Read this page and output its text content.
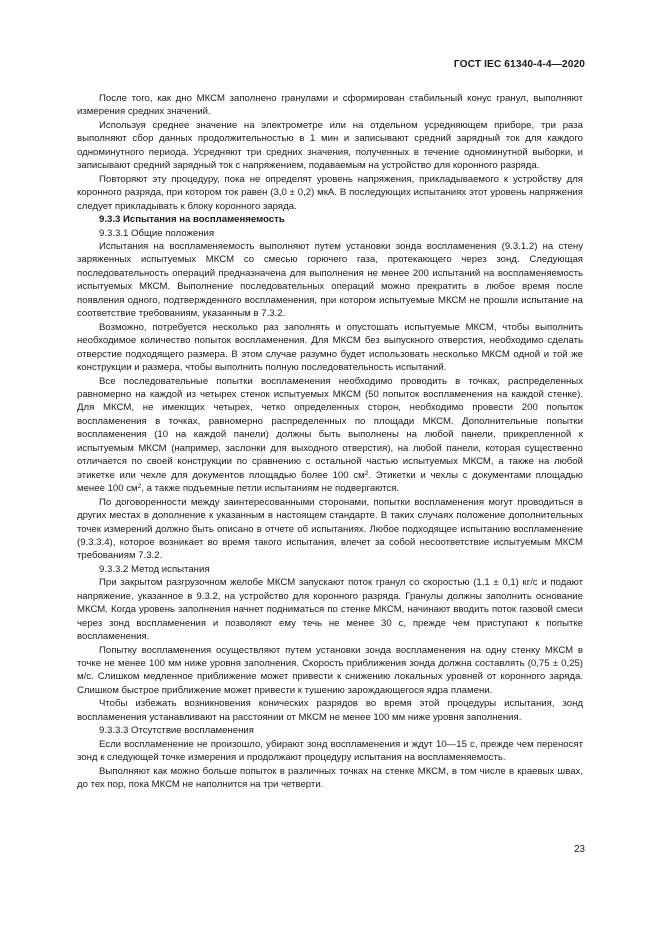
ГОСТ IEC 61340-4-4—2020

После того, как дно МКСМ заполнено гранулами и сформирован стабильный конус гранул, выполняют измерения средних значений.

Используя среднее значение на электрометре или на отдельном усредняющем приборе, три раза выполняют сбор данных продолжительностью в 1 мин и записывают средний зарядный ток для каждого одноминутного периода. Усредняют три средних значения, полученных в течение одноминутной выборки, и записывают средний зарядный ток с напряжением, подаваемым на устройство для коронного разряда.

Повторяют эту процедуру, пока не определят уровень напряжения, прикладываемого к устройству для коронного разряда, при котором ток равен (3,0 ± 0,2) мкА. В последующих испытаниях этот уровень напряжения следует прикладывать к блоку коронного заряда.

9.3.3 Испытания на воспламеняемость

9.3.3.1 Общие положения

Испытания на воспламеняемость выполняют путем установки зонда воспламенения (9.3.1.2) на стену заряженных испытуемых МКСМ со смесью горючего газа, протекающего через зонд. Следующая последовательность операций предназначена для выполнения не менее 200 испытаний на воспламеняемость испытуемых МКСМ. Выполнение последовательных операций можно прекратить в любое время после появления одного, подтвержденного воспламенения, при котором испытуемые МКСМ не прошли испытание на соответствие требованиям, указанным в 7.3.2.

Возможно, потребуется несколько раз заполнять и опустошать испытуемые МКСМ, чтобы выполнить необходимое количество попыток воспламенения. Для МКСМ без выпускного отверстия, необходимо сделать отверстие подходящего размера. В этом случае разумно будет использовать несколько МКСМ одной и той же конструкции и размера, чтобы выполнить полную последовательность испытаний.

Все последовательные попытки воспламенения необходимо проводить в точках, распределенных равномерно на каждой из четырех стенок испытуемых МКСМ (50 попыток воспламенения на каждой стенке). Для МКСМ, не имеющих четырех, четко определенных сторон, необходимо провести 200 попыток воспламенения в точках, равномерно распределенных по площади МКСМ. Дополнительные попытки воспламенения (10 на каждой панели) должны быть выполнены на любой панели, прикрепленной к испытуемым МКСМ (например, заслонки для выходного отверстия), на любой панели, которая существенно отличается по своей конструкции по сравнению с остальной частью испытуемых МКСМ, а также на любой этикетке или чехле для документов площадью более 100 $см^2$. Этикетки и чехлы с документами площадью менее 100 $см^2$, а также подъемные петли испытаниям не подвергаются.

По договоренности между заинтересованными сторонами, попытки воспламенения могут проводиться в других местах в дополнение к указанным в настоящем стандарте. В таких случаях положение дополнительных точек измерений должно быть описано в отчете об испытаниях. Любое подходящее испытанию воспламенение (9.3.3.4), которое возникает во время такого испытания, влечет за собой несоответствие испытуемым МКСМ требованиям 7.3.2.

9.3.3.2 Метод испытания

При закрытом разгрузочном желобе МКСМ запускают поток гранул со скоростью (1,1 ± 0,1) кг/с и подают напряжение, указанное в 9.3.2, на устройство для коронного разряда. Гранулы должны заполнить основание МКСМ. Когда уровень заполнения начнет подниматься по стенке МКСМ, начинают вводить поток газовой смеси через зонд воспламенения и позволяют ему течь не менее 30 с, прежде чем приступают к попытке воспламенения.

Попытку воспламенения осуществляют путем установки зонда воспламенения на одну стенку МКСМ в точке не менее 100 мм ниже уровня заполнения. Скорость приближения зонда должна составлять (0,75 ± 0,25) м/с. Слишком медленное приближение может привести к снижению локальных уровней от коронного заряда. Слишком быстрое приближение может привести к тушению зарождающегося ядра пламени.

Чтобы избежать возникновения конических разрядов во время этой процедуры испытания, зонд воспламенения устанавливают на расстоянии от МКСМ не менее 100 мм ниже уровня заполнения.

9.3.3.3 Отсутствие воспламенения

Если воспламенение не произошло, убирают зонд воспламенения и ждут 10—15 с, прежде чем переносят зонд к следующей точке измерения и продолжают процедуру испытания на воспламеняемость.

Выполняют как можно больше попыток в различных точках на стенке МКСМ, в том числе в краевых швах, до тех пор, пока МКСМ не наполнится на три четверти.

23
